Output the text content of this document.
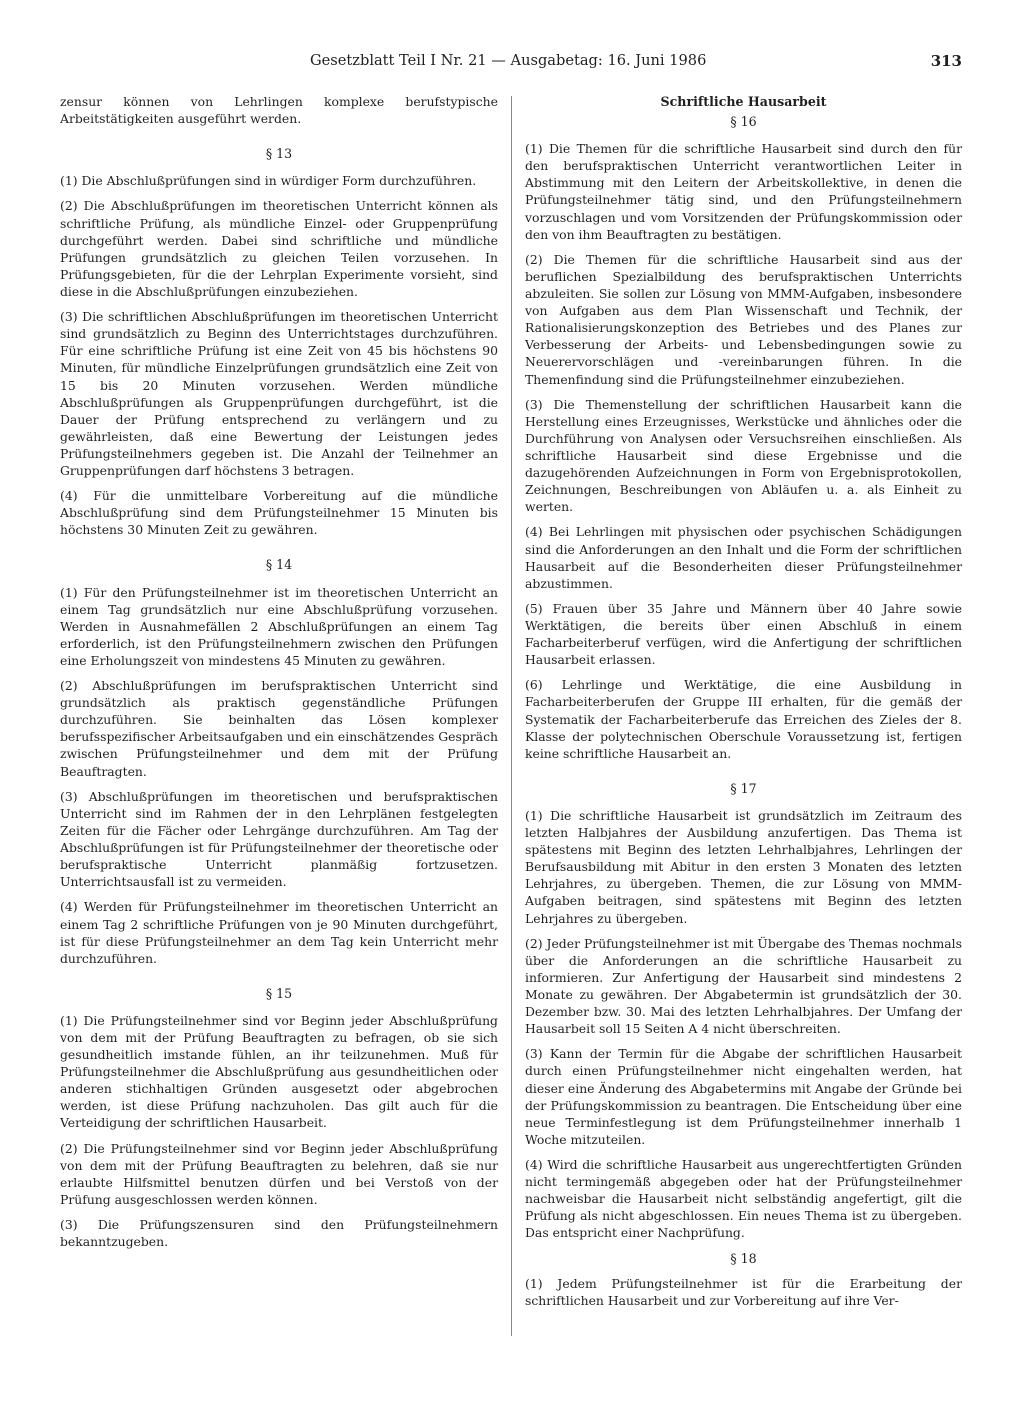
Gesetzblatt Teil I Nr. 21 — Ausgabetag: 16. Juni 1986	313

zensur können von Lehrlingen komplexe berufstypische Arbeitstätigkeiten ausgeführt werden.

§ 13

(1) Die Abschlußprüfungen sind in würdiger Form durchzuführen.

(2) Die Abschlußprüfungen im theoretischen Unterricht können als schriftliche Prüfung, als mündliche Einzel- oder Gruppenprüfung durchgeführt werden. Dabei sind schriftliche und mündliche Prüfungen grundsätzlich zu gleichen Teilen vorzusehen. In Prüfungsgebieten, für die der Lehrplan Experimente vorsieht, sind diese in die Abschlußprüfungen einzubeziehen.

(3) Die schriftlichen Abschlußprüfungen im theoretischen Unterricht sind grundsätzlich zu Beginn des Unterrichtstages durchzuführen. Für eine schriftliche Prüfung ist eine Zeit von 45 bis höchstens 90 Minuten, für mündliche Einzelprüfungen grundsätzlich eine Zeit von 15 bis 20 Minuten vorzusehen. Werden mündliche Abschlußprüfungen als Gruppenprüfungen durchgeführt, ist die Dauer der Prüfung entsprechend zu verlängern und zu gewährleisten, daß eine Bewertung der Leistungen jedes Prüfungsteilnehmers gegeben ist. Die Anzahl der Teilnehmer an Gruppenprüfungen darf höchstens 3 betragen.

(4) Für die unmittelbare Vorbereitung auf die mündliche Abschlußprüfung sind dem Prüfungsteilnehmer 15 Minuten bis höchstens 30 Minuten Zeit zu gewähren.

§ 14

(1) Für den Prüfungsteilnehmer ist im theoretischen Unterricht an einem Tag grundsätzlich nur eine Abschlußprüfung vorzusehen. Werden in Ausnahmefällen 2 Abschlußprüfungen an einem Tag erforderlich, ist den Prüfungsteilnehmern zwischen den Prüfungen eine Erholungszeit von mindestens 45 Minuten zu gewähren.

(2) Abschlußprüfungen im berufspraktischen Unterricht sind grundsätzlich als praktisch gegenständliche Prüfungen durchzuführen. Sie beinhalten das Lösen komplexer berufsspezifischer Arbeitsaufgaben und ein einschätzendes Gespräch zwischen Prüfungsteilnehmer und dem mit der Prüfung Beauftragten.

(3) Abschlußprüfungen im theoretischen und berufspraktischen Unterricht sind im Rahmen der in den Lehrplänen festgelegten Zeiten für die Fächer oder Lehrgänge durchzuführen. Am Tag der Abschlußprüfungen ist für Prüfungsteilnehmer der theoretische oder berufspraktische Unterricht planmäßig fortzusetzen. Unterrichtsausfall ist zu vermeiden.

(4) Werden für Prüfungsteilnehmer im theoretischen Unterricht an einem Tag 2 schriftliche Prüfungen von je 90 Minuten durchgeführt, ist für diese Prüfungsteilnehmer an dem Tag kein Unterricht mehr durchzuführen.

§ 15

(1) Die Prüfungsteilnehmer sind vor Beginn jeder Abschlußprüfung von dem mit der Prüfung Beauftragten zu befragen, ob sie sich gesundheitlich imstande fühlen, an ihr teilzunehmen. Muß für Prüfungsteilnehmer die Abschlußprüfung aus gesundheitlichen oder anderen stichhaltigen Gründen ausgesetzt oder abgebrochen werden, ist diese Prüfung nachzuholen. Das gilt auch für die Verteidigung der schriftlichen Hausarbeit.

(2) Die Prüfungsteilnehmer sind vor Beginn jeder Abschlußprüfung von dem mit der Prüfung Beauftragten zu belehren, daß sie nur erlaubte Hilfsmittel benutzen dürfen und bei Verstoß von der Prüfung ausgeschlossen werden können.

(3) Die Prüfungszensuren sind den Prüfungsteilnehmern bekanntzugeben.

Schriftliche Hausarbeit
§ 16

(1) Die Themen für die schriftliche Hausarbeit sind durch den für den berufspraktischen Unterricht verantwortlichen Leiter in Abstimmung mit den Leitern der Arbeitskollektive, in denen die Prüfungsteilnehmer tätig sind, und den Prüfungsteilnehmern vorzuschlagen und vom Vorsitzenden der Prüfungskommission oder den von ihm Beauftragten zu bestätigen.

(2) Die Themen für die schriftliche Hausarbeit sind aus der beruflichen Spezialbildung des berufspraktischen Unterrichts abzuleiten. Sie sollen zur Lösung von MMM-Aufgaben, insbesondere von Aufgaben aus dem Plan Wissenschaft und Technik, der Rationalisierungskonzeption des Betriebes und des Planes zur Verbesserung der Arbeits- und Lebensbedingungen sowie zu Neuerervorschlägen und -vereinbarungen führen. In die Themenfindung sind die Prüfungsteilnehmer einzubeziehen.

(3) Die Themenstellung der schriftlichen Hausarbeit kann die Herstellung eines Erzeugnisses, Werkstücke und ähnliches oder die Durchführung von Analysen oder Versuchsreihen einschließen. Als schriftliche Hausarbeit sind diese Ergebnisse und die dazugehörenden Aufzeichnungen in Form von Ergebnisprotokollen, Zeichnungen, Beschreibungen von Abläufen u. a. als Einheit zu werten.

(4) Bei Lehrlingen mit physischen oder psychischen Schädigungen sind die Anforderungen an den Inhalt und die Form der schriftlichen Hausarbeit auf die Besonderheiten dieser Prüfungsteilnehmer abzustimmen.

(5) Frauen über 35 Jahre und Männern über 40 Jahre sowie Werktätigen, die bereits über einen Abschluß in einem Facharbeiterberuf verfügen, wird die Anfertigung der schriftlichen Hausarbeit erlassen.

(6) Lehrlinge und Werktätige, die eine Ausbildung in Facharbeiterberufen der Gruppe III erhalten, für die gemäß der Systematik der Facharbeiterberufe das Erreichen des Zieles der 8. Klasse der polytechnischen Oberschule Voraussetzung ist, fertigen keine schriftliche Hausarbeit an.

§ 17

(1) Die schriftliche Hausarbeit ist grundsätzlich im Zeitraum des letzten Halbjahres der Ausbildung anzufertigen. Das Thema ist spätestens mit Beginn des letzten Lehrhalbjahres, Lehrlingen der Berufsausbildung mit Abitur in den ersten 3 Monaten des letzten Lehrjahres, zu übergeben. Themen, die zur Lösung von MMM-Aufgaben beitragen, sind spätestens mit Beginn des letzten Lehrjahres zu übergeben.

(2) Jeder Prüfungsteilnehmer ist mit Übergabe des Themas nochmals über die Anforderungen an die schriftliche Hausarbeit zu informieren. Zur Anfertigung der Hausarbeit sind mindestens 2 Monate zu gewähren. Der Abgabetermin ist grundsätzlich der 30. Dezember bzw. 30. Mai des letzten Lehrhalbjahres. Der Umfang der Hausarbeit soll 15 Seiten A 4 nicht überschreiten.

(3) Kann der Termin für die Abgabe der schriftlichen Hausarbeit durch einen Prüfungsteilnehmer nicht eingehalten werden, hat dieser eine Änderung des Abgabetermins mit Angabe der Gründe bei der Prüfungskommission zu beantragen. Die Entscheidung über eine neue Terminfestlegung ist dem Prüfungsteilnehmer innerhalb 1 Woche mitzuteilen.

(4) Wird die schriftliche Hausarbeit aus ungerechtfertigten Gründen nicht termingemäß abgegeben oder hat der Prüfungsteilnehmer nachweisbar die Hausarbeit nicht selbständig angefertigt, gilt die Prüfung als nicht abgeschlossen. Ein neues Thema ist zu übergeben. Das entspricht einer Nachprüfung.

§ 18

(1) Jedem Prüfungsteilnehmer ist für die Erarbeitung der schriftlichen Hausarbeit und zur Vorbereitung auf ihre Ver-
